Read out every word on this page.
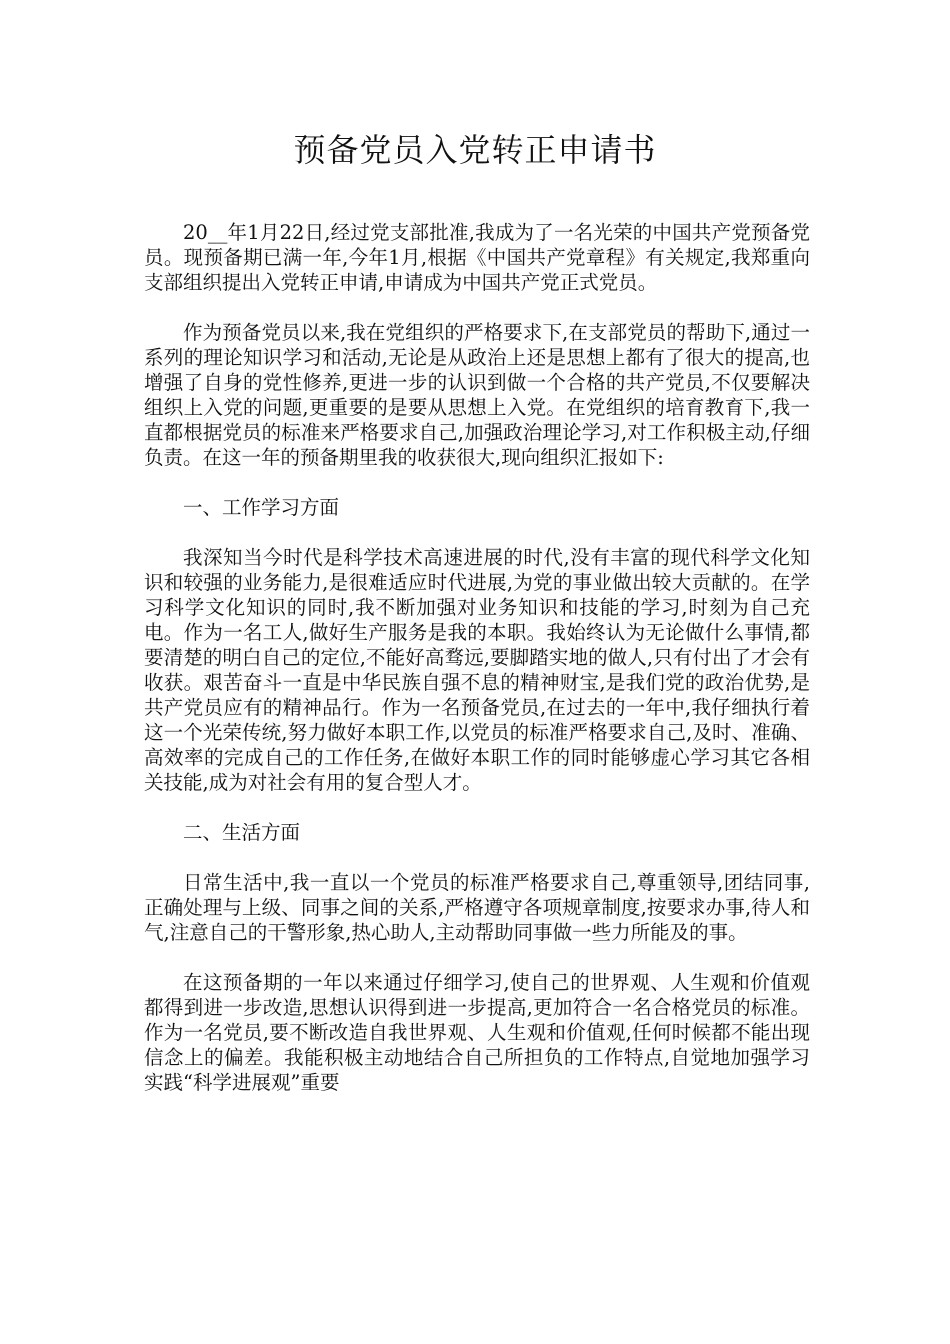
预备党员入党转正申请书

20__年1月22日,经过党支部批准,我成为了一名光荣的中国共产党预备党员。现预备期已满一年,今年1月,根据《中国共产党章程》有关规定,我郑重向支部组织提出入党转正申请,申请成为中国共产党正式党员。

作为预备党员以来,我在党组织的严格要求下,在支部党员的帮助下,通过一系列的理论知识学习和活动,无论是从政治上还是思想上都有了很大的提高,也增强了自身的党性修养,更进一步的认识到做一个合格的共产党员,不仅要解决组织上入党的问题,更重要的是要从思想上入党。在党组织的培育教育下,我一直都根据党员的标准来严格要求自己,加强政治理论学习,对工作积极主动,仔细负责。在这一年的预备期里我的收获很大,现向组织汇报如下:

一、工作学习方面

我深知当今时代是科学技术高速进展的时代,没有丰富的现代科学文化知识和较强的业务能力,是很难适应时代进展,为党的事业做出较大贡献的。在学习科学文化知识的同时,我不断加强对业务知识和技能的学习,时刻为自己充电。作为一名工人,做好生产服务是我的本职。我始终认为无论做什么事情,都要清楚的明白自己的定位,不能好高骛远,要脚踏实地的做人,只有付出了才会有收获。艰苦奋斗一直是中华民族自强不息的精神财宝,是我们党的政治优势,是共产党员应有的精神品行。作为一名预备党员,在过去的一年中,我仔细执行着这一个光荣传统,努力做好本职工作,以党员的标准严格要求自己,及时、准确、高效率的完成自己的工作任务,在做好本职工作的同时能够虚心学习其它各相关技能,成为对社会有用的复合型人才。

二、生活方面

日常生活中,我一直以一个党员的标准严格要求自己,尊重领导,团结同事,正确处理与上级、同事之间的关系,严格遵守各项规章制度,按要求办事,待人和气,注意自己的干警形象,热心助人,主动帮助同事做一些力所能及的事。

在这预备期的一年以来通过仔细学习,使自己的世界观、人生观和价值观都得到进一步改造,思想认识得到进一步提高,更加符合一名合格党员的标准。作为一名党员,要不断改造自我世界观、人生观和价值观,任何时候都不能出现信念上的偏差。我能积极主动地结合自己所担负的工作特点,自觉地加强学习实践“科学进展观”重要
